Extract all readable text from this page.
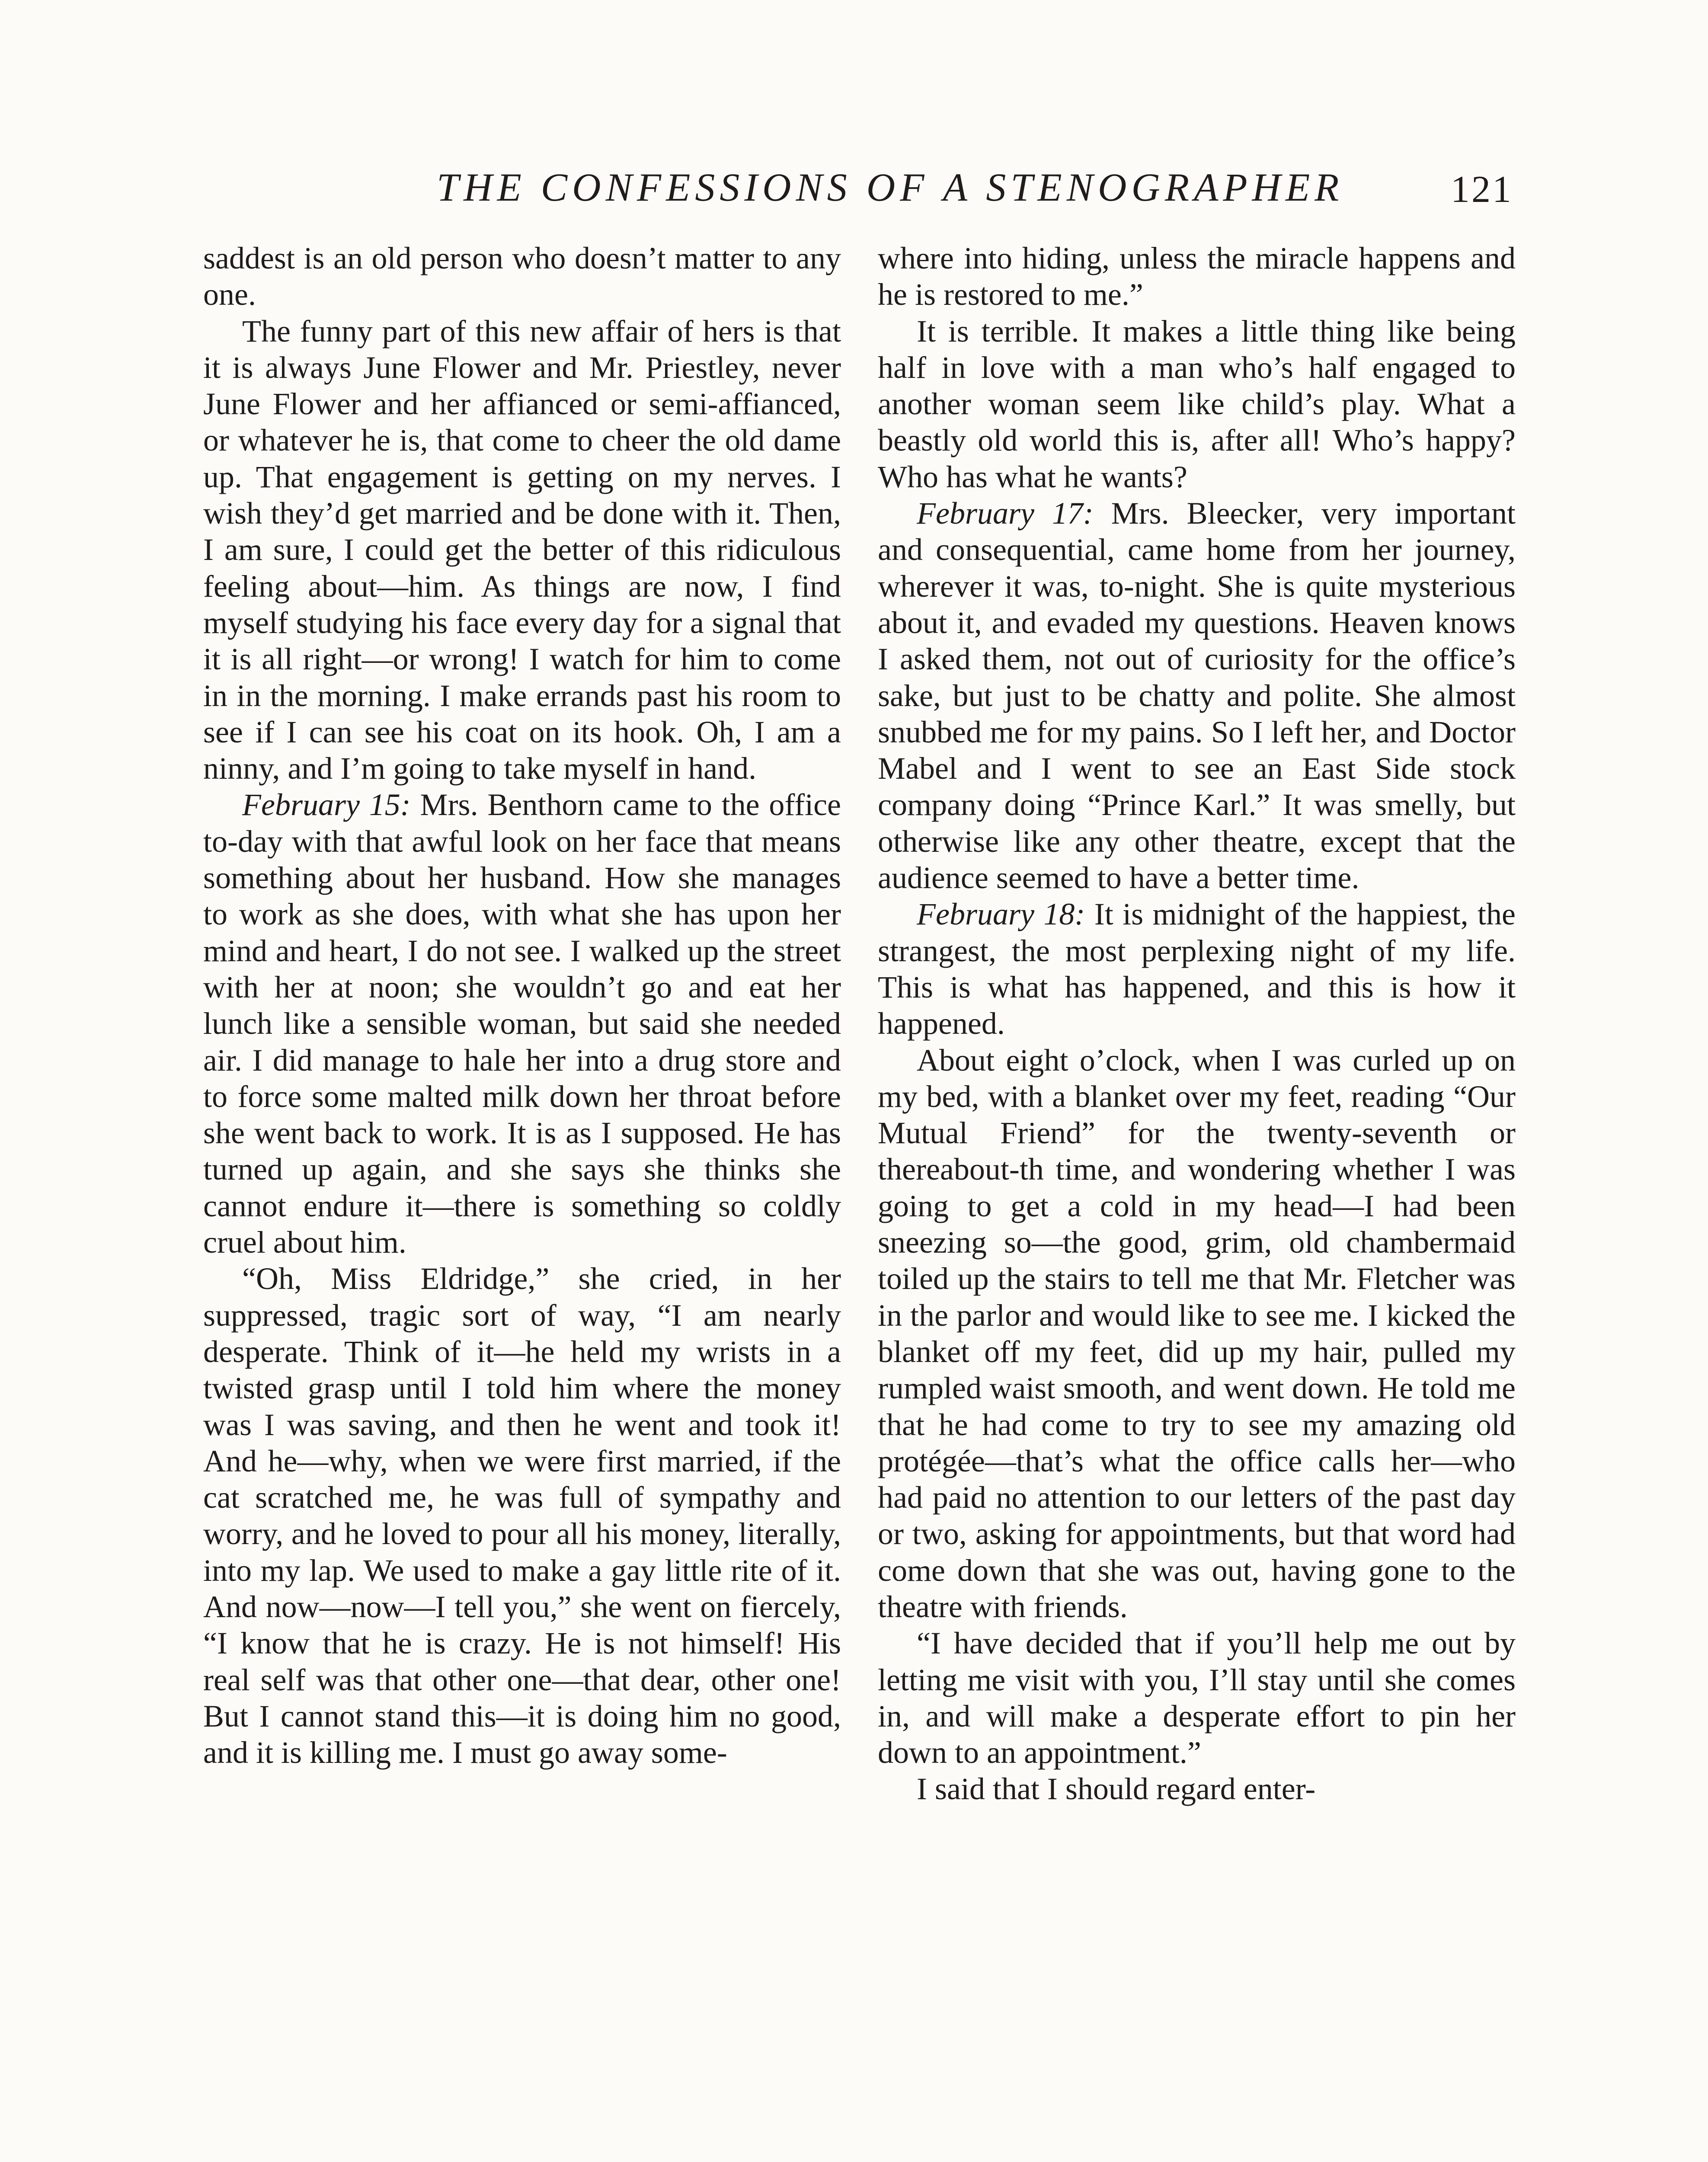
THE CONFESSIONS OF A STENOGRAPHER	121

saddest is an old person who doesn’t matter to any one.

The funny part of this new affair of hers is that it is always June Flower and Mr. Priestley, never June Flower and her affianced or semi-affianced, or whatever he is, that come to cheer the old dame up. That engagement is getting on my nerves. I wish they’d get married and be done with it. Then, I am sure, I could get the better of this ridiculous feeling about—him. As things are now, I find myself studying his face every day for a signal that it is all right—or wrong! I watch for him to come in in the morning. I make errands past his room to see if I can see his coat on its hook. Oh, I am a ninny, and I’m going to take myself in hand.

February 15: Mrs. Benthorn came to the office to-day with that awful look on her face that means something about her husband. How she manages to work as she does, with what she has upon her mind and heart, I do not see. I walked up the street with her at noon; she wouldn’t go and eat her lunch like a sensible woman, but said she needed air. I did manage to hale her into a drug store and to force some malted milk down her throat before she went back to work. It is as I supposed. He has turned up again, and she says she thinks she cannot endure it—there is something so coldly cruel about him.

“Oh, Miss Eldridge,” she cried, in her suppressed, tragic sort of way, “I am nearly desperate. Think of it—he held my wrists in a twisted grasp until I told him where the money was I was saving, and then he went and took it! And he—why, when we were first married, if the cat scratched me, he was full of sympathy and worry, and he loved to pour all his money, literally, into my lap. We used to make a gay little rite of it. And now—now—I tell you,” she went on fiercely, “I know that he is crazy. He is not himself! His real self was that other one—that dear, other one! But I cannot stand this—it is doing him no good, and it is killing me. I must go away some-

where into hiding, unless the miracle happens and he is restored to me.”

It is terrible. It makes a little thing like being half in love with a man who’s half engaged to another woman seem like child’s play. What a beastly old world this is, after all! Who’s happy? Who has what he wants?

February 17: Mrs. Bleecker, very important and consequential, came home from her journey, wherever it was, to-night. She is quite mysterious about it, and evaded my questions. Heaven knows I asked them, not out of curiosity for the office’s sake, but just to be chatty and polite. She almost snubbed me for my pains. So I left her, and Doctor Mabel and I went to see an East Side stock company doing “Prince Karl.” It was smelly, but otherwise like any other theatre, except that the audience seemed to have a better time.

February 18: It is midnight of the happiest, the strangest, the most perplexing night of my life. This is what has happened, and this is how it happened.

About eight o’clock, when I was curled up on my bed, with a blanket over my feet, reading “Our Mutual Friend” for the twenty-seventh or thereabout-th time, and wondering whether I was going to get a cold in my head—I had been sneezing so—the good, grim, old chambermaid toiled up the stairs to tell me that Mr. Fletcher was in the parlor and would like to see me. I kicked the blanket off my feet, did up my hair, pulled my rumpled waist smooth, and went down. He told me that he had come to try to see my amazing old protégée—that’s what the office calls her—who had paid no attention to our letters of the past day or two, asking for appointments, but that word had come down that she was out, having gone to the theatre with friends.

“I have decided that if you’ll help me out by letting me visit with you, I’ll stay until she comes in, and will make a desperate effort to pin her down to an appointment.”

I said that I should regard enter-
